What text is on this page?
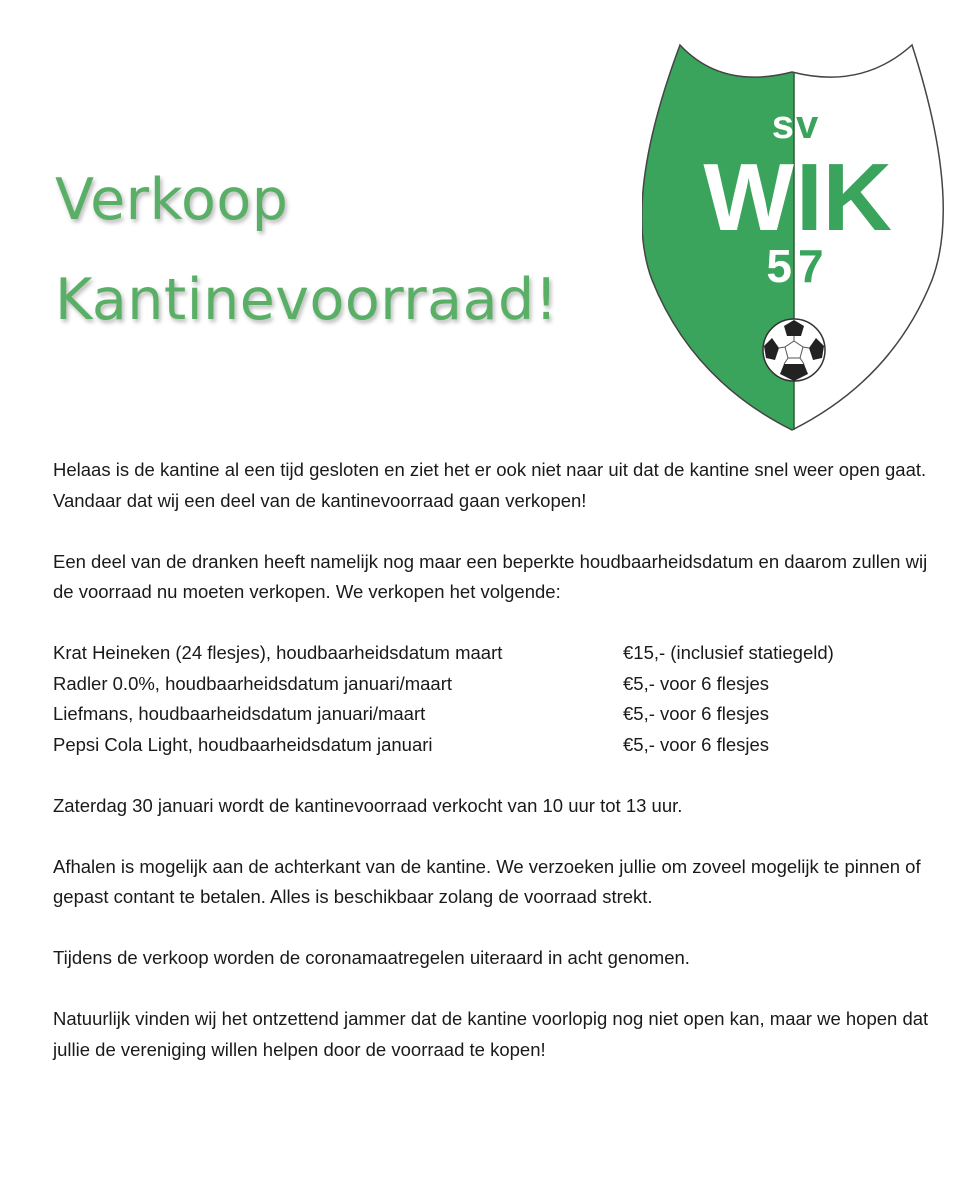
Verkoop
Kantinevoorraad!
s v
W IK
5 7

Helaas is de kantine al een tijd gesloten en ziet het er ook niet naar uit dat de kantine snel weer open gaat. Vandaar dat wij een deel van de kantinevoorraad gaan verkopen!

Een deel van de dranken heeft namelijk nog maar een beperkte houdbaarheidsdatum en daarom zullen wij de voorraad nu moeten verkopen. We verkopen het volgende:

Krat Heineken (24 flesjes), houdbaarheidsdatum maart	€15,- (inclusief statiegeld)
Radler 0.0%, houdbaarheidsdatum januari/maart	€5,- voor 6 flesjes
Liefmans, houdbaarheidsdatum januari/maart	€5,- voor 6 flesjes
Pepsi Cola Light, houdbaarheidsdatum januari	€5,- voor 6 flesjes

Zaterdag 30 januari wordt de kantinevoorraad verkocht van 10 uur tot 13 uur.

Afhalen is mogelijk aan de achterkant van de kantine. We verzoeken jullie om zoveel mogelijk te pinnen of gepast contant te betalen. Alles is beschikbaar zolang de voorraad strekt.

Tijdens de verkoop worden de coronamaatregelen uiteraard in acht genomen.

Natuurlijk vinden wij het ontzettend jammer dat de kantine voorlopig nog niet open kan, maar we hopen dat jullie de vereniging willen helpen door de voorraad te kopen!
